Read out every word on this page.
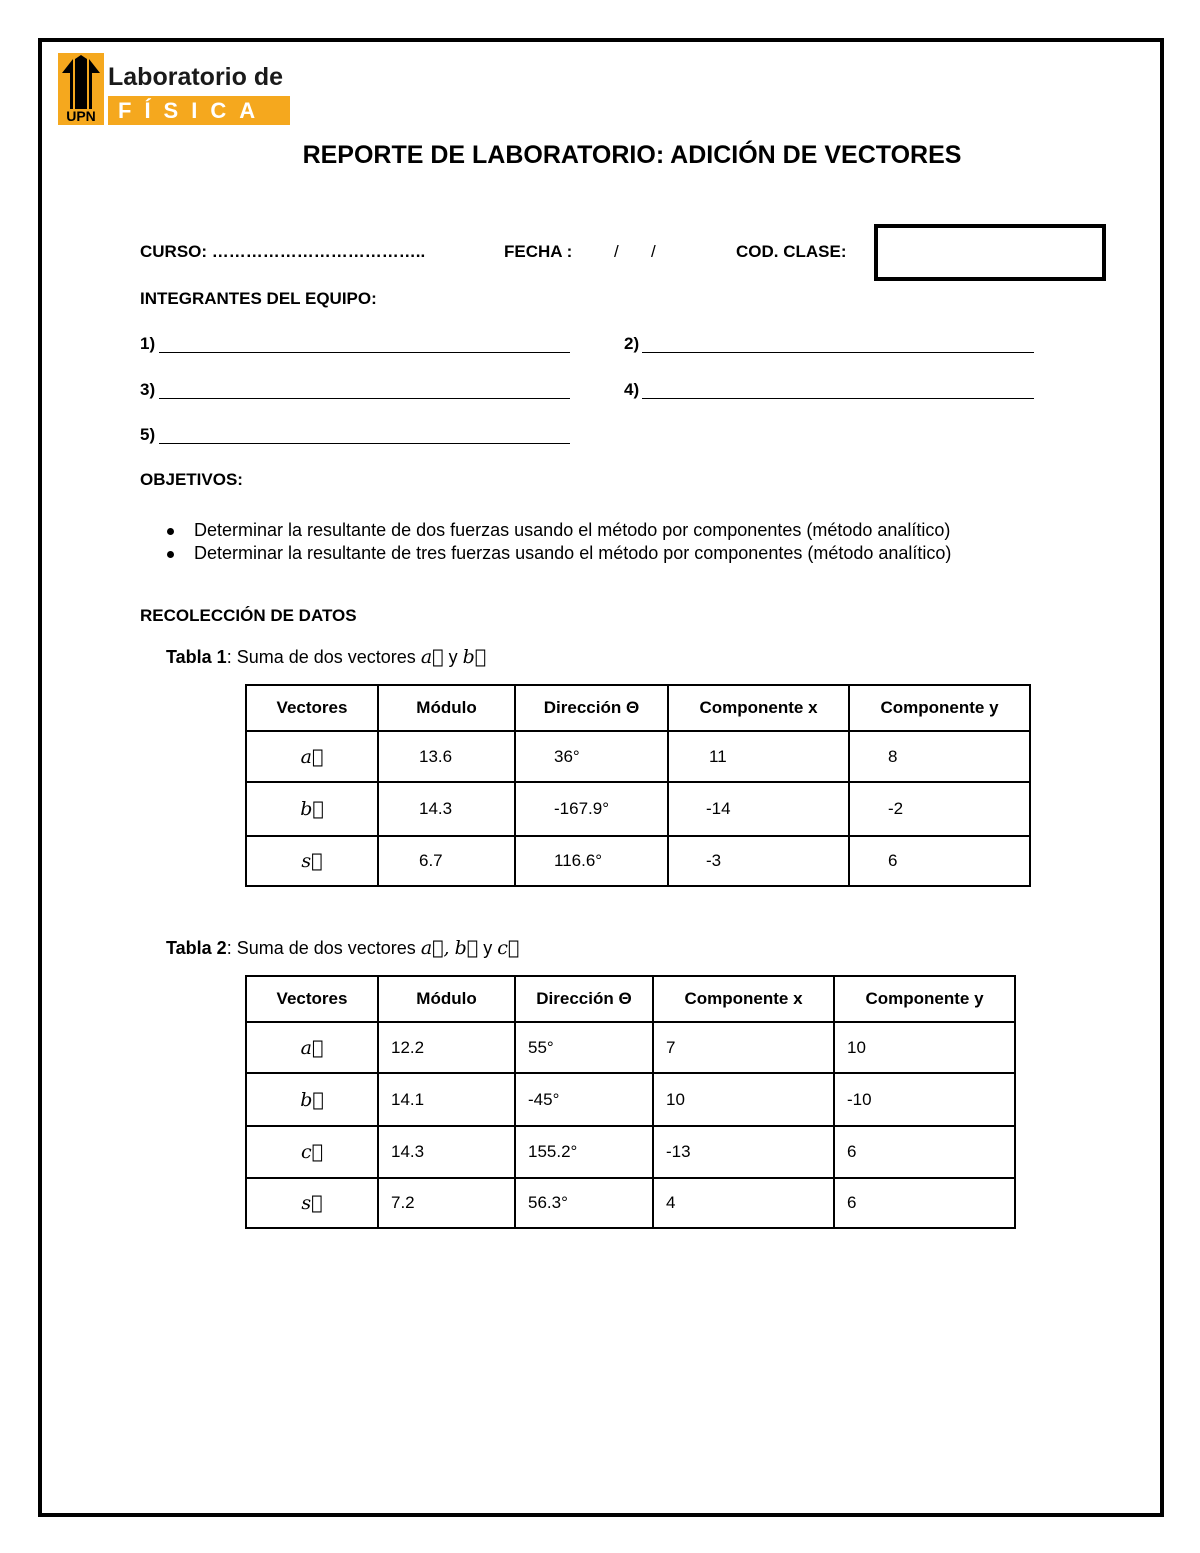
UPN
Laboratorio de
FÍSICA
REPORTE DE LABORATORIO: ADICIÓN DE VECTORES
CURSO: ………………………………..	FECHA : / /	COD. CLASE:
INTEGRANTES DEL EQUIPO:
1)	2)
3)	4)
5)
OBJETIVOS:
Determinar la resultante de dos fuerzas usando el método por componentes (método analítico)
Determinar la resultante de tres fuerzas usando el método por componentes (método analítico)
RECOLECCIÓN DE DATOS
Tabla 1: Suma de dos vectores a⃗ y b⃗
Vectores	Módulo	Dirección Θ	Componente x	Componente y
a⃗	13.6	36°	11	8
b⃗	14.3	-167.9°	-14	-2
s⃗	6.7	116.6°	-3	6
Tabla 2: Suma de dos vectores a⃗, b⃗ y c⃗
Vectores	Módulo	Dirección Θ	Componente x	Componente y
a⃗	12.2	55°	7	10
b⃗	14.1	-45°	10	-10
c⃗	14.3	155.2°	-13	6
s⃗	7.2	56.3°	4	6
